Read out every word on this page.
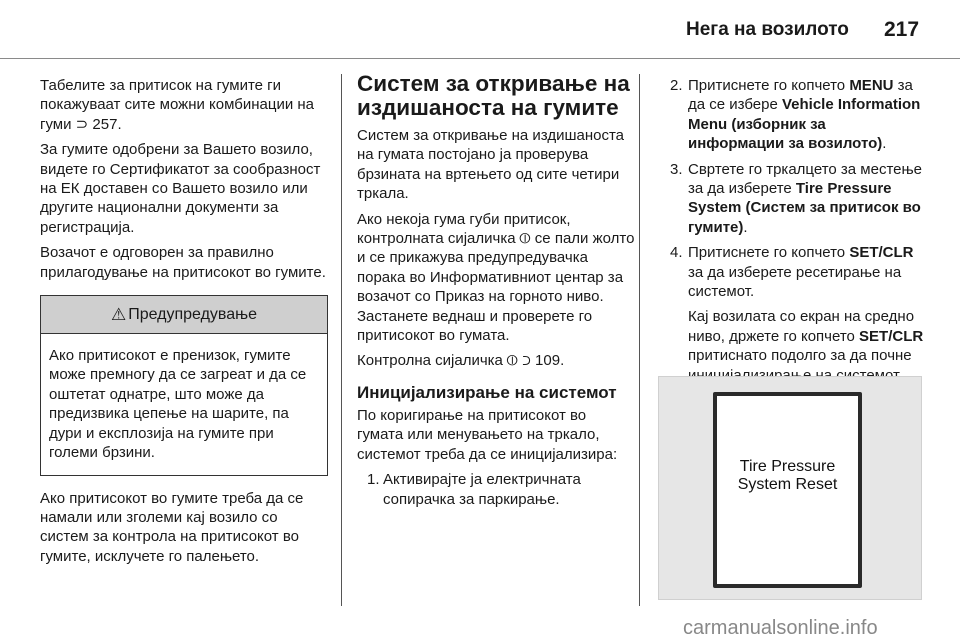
Нега на возилото 217

Табелите за притисок на гумите ги покажуваат сите можни комбинации на гуми ⊃ 257.

За гумите одобрени за Вашето возило, видете го Сертификатот за сообразност на ЕК доставен со Вашето возило или другите национални документи за регистрација.

Возачот е одговорен за правилно прилагодување на притисокот во гумите.

⚠ Предупредување
Ако притисокот е пренизок, гумите може премногу да се загреат и да се оштетат однатре, што може да предизвика цепење на шарите, па дури и експлозија на гумите при големи брзини.

Ако притисокот во гумите треба да се намали или зголеми кај возило со систем за контрола на притисокот во гумите, исклучете го палењето.

Систем за откривање на издишаноста на гумите

Систем за откривање на издишаноста на гумата постојано ја проверува брзината на вртењето од сите четири тркала.

Ако некоја гума губи притисок, контролната сијаличка ⦶ се пали жолто и се прикажува предупредувачка порака во Информативниот центар за возачот со Приказ на горното ниво. Застанете веднаш и проверете го притисокот во гумата.

Контролна сијаличка ⦶ ⊃ 109.

Иницијализирање на системот

По коригирање на притисокот во гумата или менувањето на тркало, системот треба да се иницијализира:

1. Активирајте ја електричната сопирачка за паркирање.
2. Притиснете го копчето MENU за да се избере Vehicle Information Menu (изборник за информации за возилото).
3. Свртете го тркалцето за местење за да изберете Tire Pressure System (Систем за притисок во гумите).
4. Притиснете го копчето SET/CLR за да изберете ресетирање на системот.

Кај возилата со екран на средно ниво, држете го копчето SET/CLR притиснато подолго за да почне

Tire Pressure
System Reset
carmanualsonline.info
